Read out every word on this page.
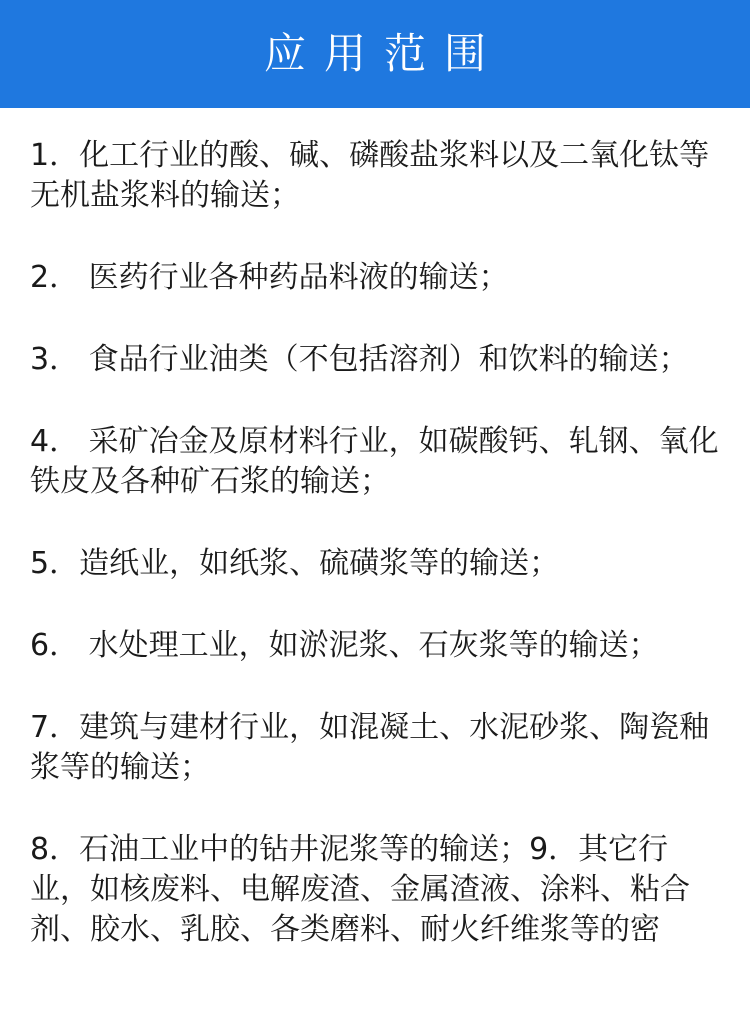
应用范围

1．化工行业的酸、碱、磷酸盐浆料以及二氧化钛等无机盐浆料的输送；

2． 医药行业各种药品料液的输送；

3． 食品行业油类（不包括溶剂）和饮料的输送；

4． 采矿冶金及原材料行业，如碳酸钙、轧钢、氧化铁皮及各种矿石浆的输送；

5．造纸业，如纸浆、硫磺浆等的输送；

6． 水处理工业，如淤泥浆、石灰浆等的输送；

7．建筑与建材行业，如混凝土、水泥砂浆、陶瓷釉浆等的输送；

8．石油工业中的钻井泥浆等的输送；9．其它行业，如核废料、电解废渣、金属渣液、涂料、粘合剂、胶水、乳胶、各类磨料、耐火纤维浆等的密
